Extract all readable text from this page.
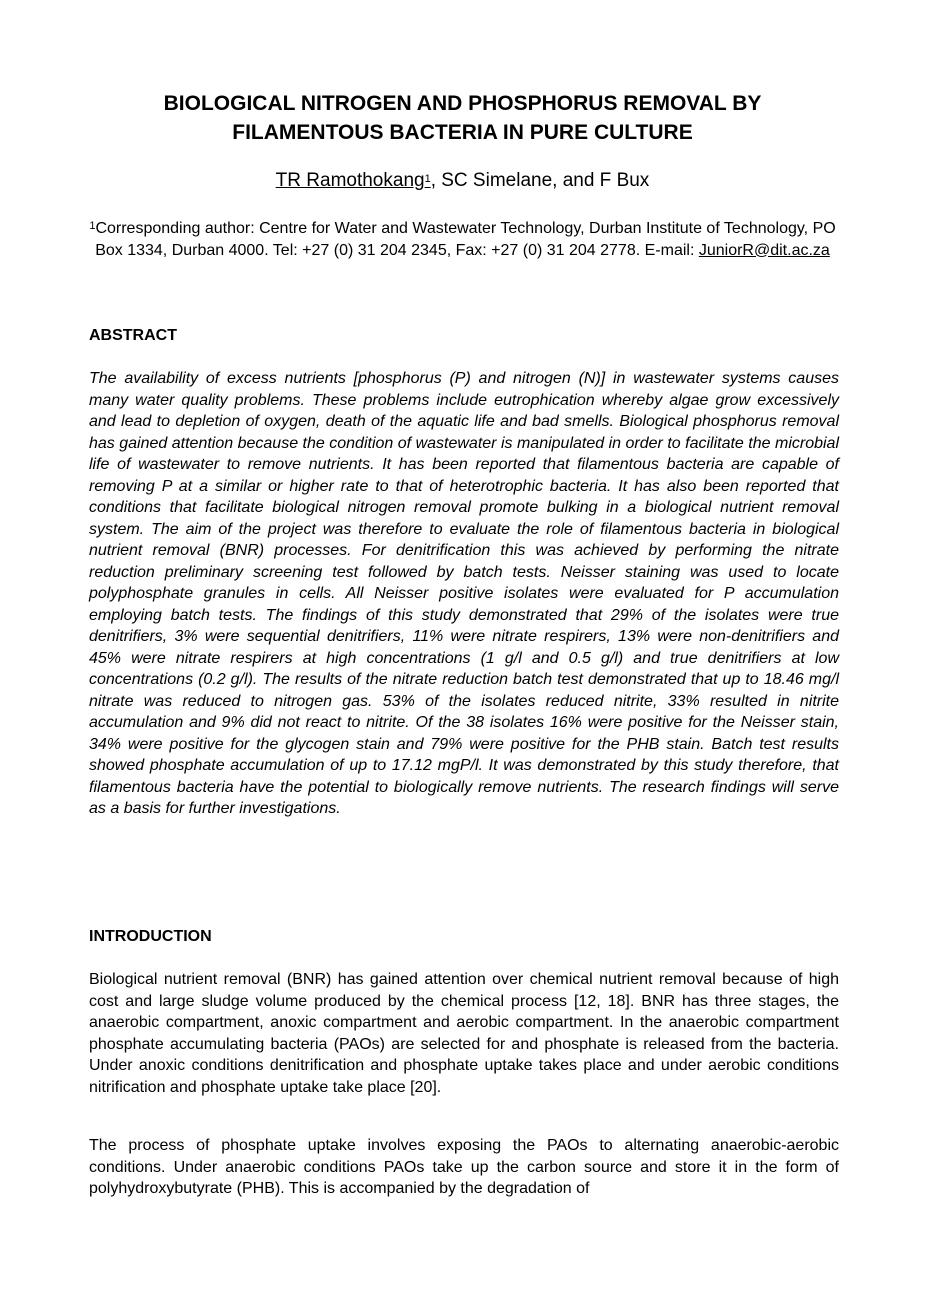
BIOLOGICAL NITROGEN AND PHOSPHORUS REMOVAL BY
FILAMENTOUS BACTERIA IN PURE CULTURE
TR Ramothokang$^1$, SC Simelane, and F Bux
$^1$Corresponding author: Centre for Water and Wastewater Technology, Durban Institute of Technology, PO Box 1334, Durban 4000. Tel: +27 (0) 31 204 2345, Fax: +27 (0) 31 204 2778. E-mail: JuniorR@dit.ac.za
ABSTRACT

The availability of excess nutrients [phosphorus (P) and nitrogen (N)] in wastewater systems causes many water quality problems. These problems include eutrophication whereby algae grow excessively and lead to depletion of oxygen, death of the aquatic life and bad smells. Biological phosphorus removal has gained attention because the condition of wastewater is manipulated in order to facilitate the microbial life of wastewater to remove nutrients. It has been reported that filamentous bacteria are capable of removing P at a similar or higher rate to that of heterotrophic bacteria. It has also been reported that conditions that facilitate biological nitrogen removal promote bulking in a biological nutrient removal system. The aim of the project was therefore to evaluate the role of filamentous bacteria in biological nutrient removal (BNR) processes. For denitrification this was achieved by performing the nitrate reduction preliminary screening test followed by batch tests. Neisser staining was used to locate polyphosphate granules in cells. All Neisser positive isolates were evaluated for P accumulation employing batch tests. The findings of this study demonstrated that 29% of the isolates were true denitrifiers, 3% were sequential denitrifiers, 11% were nitrate respirers, 13% were non-denitrifiers and 45% were nitrate respirers at high concentrations (1 g/l and 0.5 g/l) and true denitrifiers at low concentrations (0.2 g/l). The results of the nitrate reduction batch test demonstrated that up to 18.46 mg/l nitrate was reduced to nitrogen gas. 53% of the isolates reduced nitrite, 33% resulted in nitrite accumulation and 9% did not react to nitrite. Of the 38 isolates 16% were positive for the Neisser stain, 34% were positive for the glycogen stain and 79% were positive for the PHB stain. Batch test results showed phosphate accumulation of up to 17.12 mgP/l. It was demonstrated by this study therefore, that filamentous bacteria have the potential to biologically remove nutrients. The research findings will serve as a basis for further investigations.

INTRODUCTION

Biological nutrient removal (BNR) has gained attention over chemical nutrient removal because of high cost and large sludge volume produced by the chemical process [12, 18]. BNR has three stages, the anaerobic compartment, anoxic compartment and aerobic compartment. In the anaerobic compartment phosphate accumulating bacteria (PAOs) are selected for and phosphate is released from the bacteria. Under anoxic conditions denitrification and phosphate uptake takes place and under aerobic conditions nitrification and phosphate uptake take place [20].

The process of phosphate uptake involves exposing the PAOs to alternating anaerobic-aerobic conditions. Under anaerobic conditions PAOs take up the carbon source and store it in the form of polyhydroxybutyrate (PHB). This is accompanied by the degradation of
